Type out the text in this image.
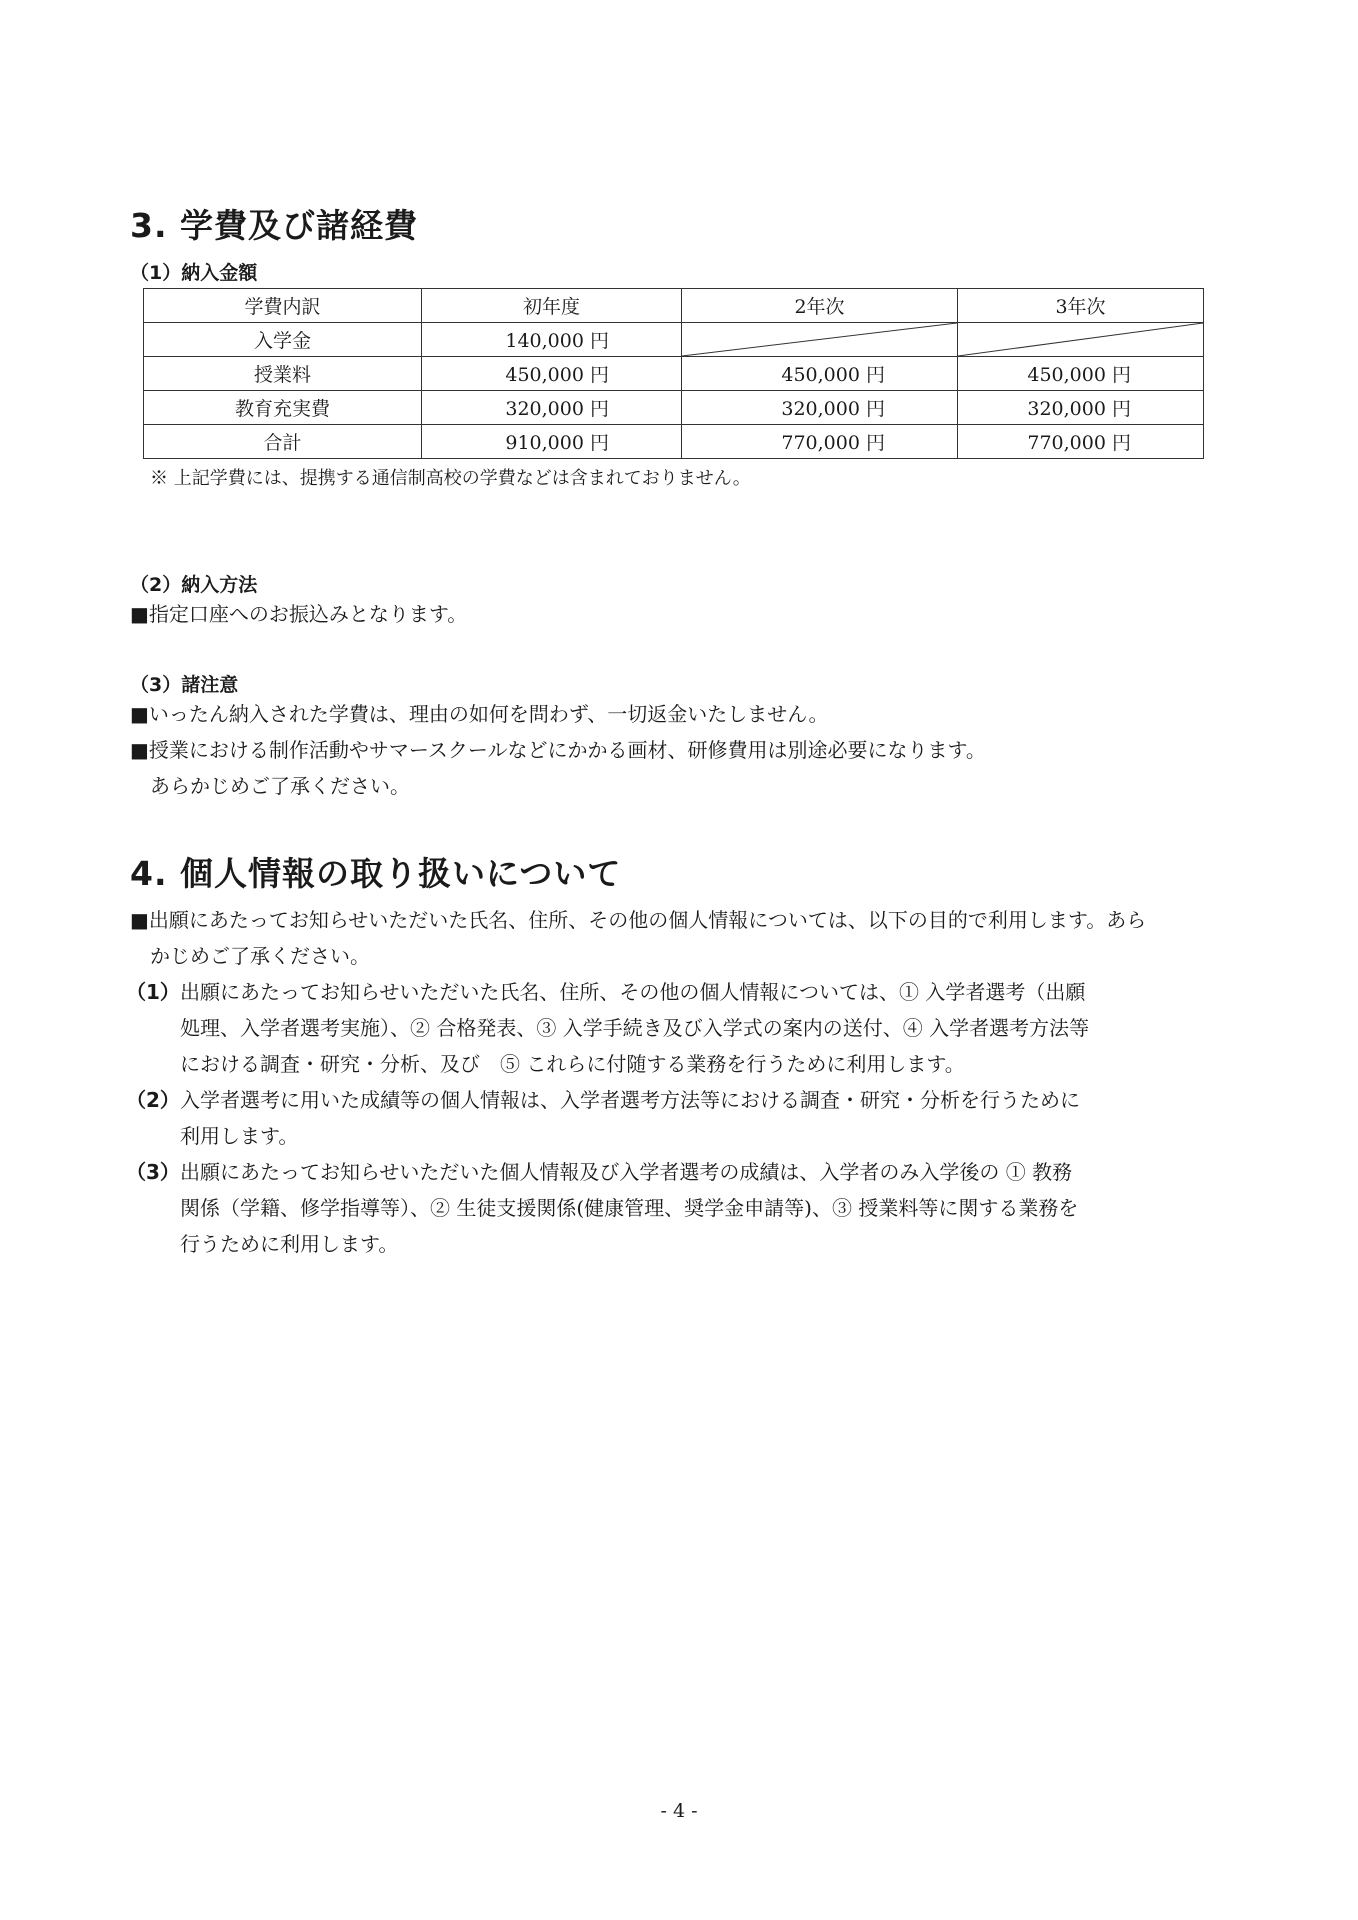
3. 学費及び諸経費
（1）納入金額
学費内訳	初年度	2年次	3年次
入学金	140,000 円	

授業料	450,000 円	450,000 円	450,000 円
教育充実費	320,000 円	320,000 円	320,000 円
合計	910,000 円	770,000 円	770,000 円
※ 上記学費には、提携する通信制高校の学費などは含まれておりません。
（2）納入方法
■指定口座へのお振込みとなります。
（3）諸注意
■いったん納入された学費は、理由の如何を問わず、一切返金いたしません。
■授業における制作活動やサマースクールなどにかかる画材、研修費用は別途必要になります。
あらかじめご了承ください。
4. 個人情報の取り扱いについて
■出願にあたってお知らせいただいた氏名、住所、その他の個人情報については、以下の目的で利用します。あら
かじめご了承ください。
（1） 出願にあたってお知らせいただいた氏名、住所、その他の個人情報については、① 入学者選考（出願
処理、入学者選考実施）、② 合格発表、③ 入学手続き及び入学式の案内の送付、④ 入学者選考方法等
における調査・研究・分析、及び　⑤ これらに付随する業務を行うために利用します。
（2） 入学者選考に用いた成績等の個人情報は、入学者選考方法等における調査・研究・分析を行うために
利用します。
（3） 出願にあたってお知らせいただいた個人情報及び入学者選考の成績は、入学者のみ入学後の ① 教務
関係（学籍、修学指導等）、② 生徒支援関係(健康管理、奨学金申請等)、③ 授業料等に関する業務を
行うために利用します。
- 4 -
